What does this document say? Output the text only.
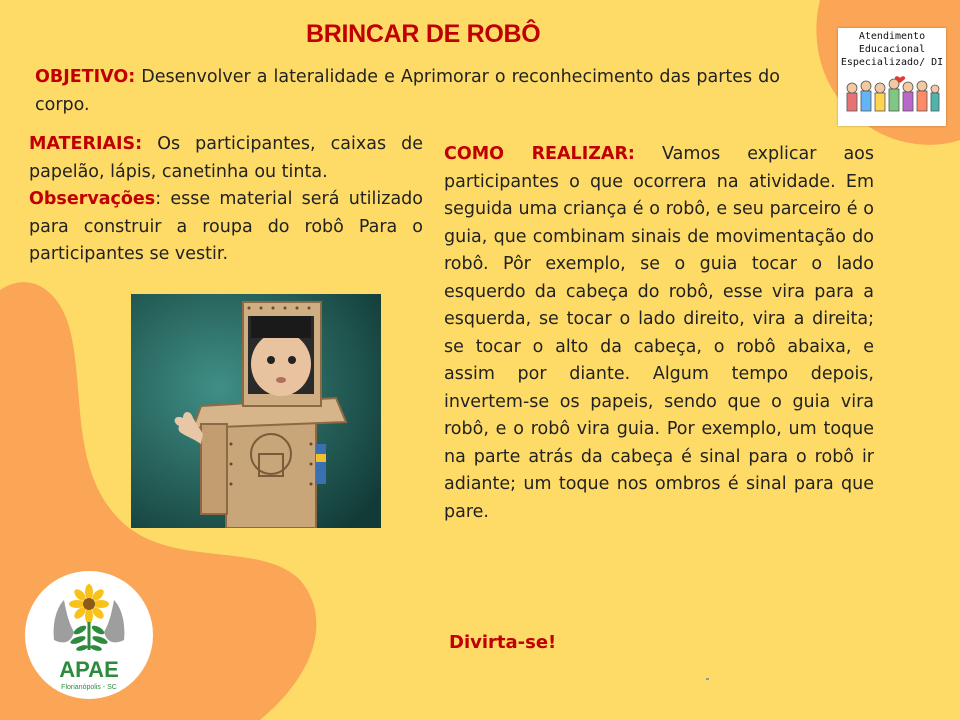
BRINCAR DE ROBÔ

OBJETIVO: Desenvolver a lateralidade e Aprimorar o reconhecimento das partes do corpo.

MATERIAIS: Os participantes, caixas de papelão, lápis, canetinha ou tinta.

Observações: esse material será utilizado para construir a roupa do robô Para o participantes se vestir.

COMO REALIZAR: Vamos explicar aos participantes o que ocorrera na atividade. Em seguida uma criança é o robô, e seu parceiro é o guia, que combinam sinais de movimentação do robô. Pôr exemplo, se o guia tocar o lado esquerdo da cabeça do robô, esse vira para a esquerda, se tocar o lado direito, vira a direita; se tocar o alto da cabeça, o robô abaixa, e assim por diante. Algum tempo depois, invertem-se os papeis, sendo que o guia vira robô, e o robô vira guia. Por exemplo, um toque na parte atrás da cabeça é sinal para o robô ir adiante; um toque nos ombros é sinal para que pare.

Divirta-se!

Atendimento
Educacional
Especializado/ DI
APAE
Florianópolis - SC
